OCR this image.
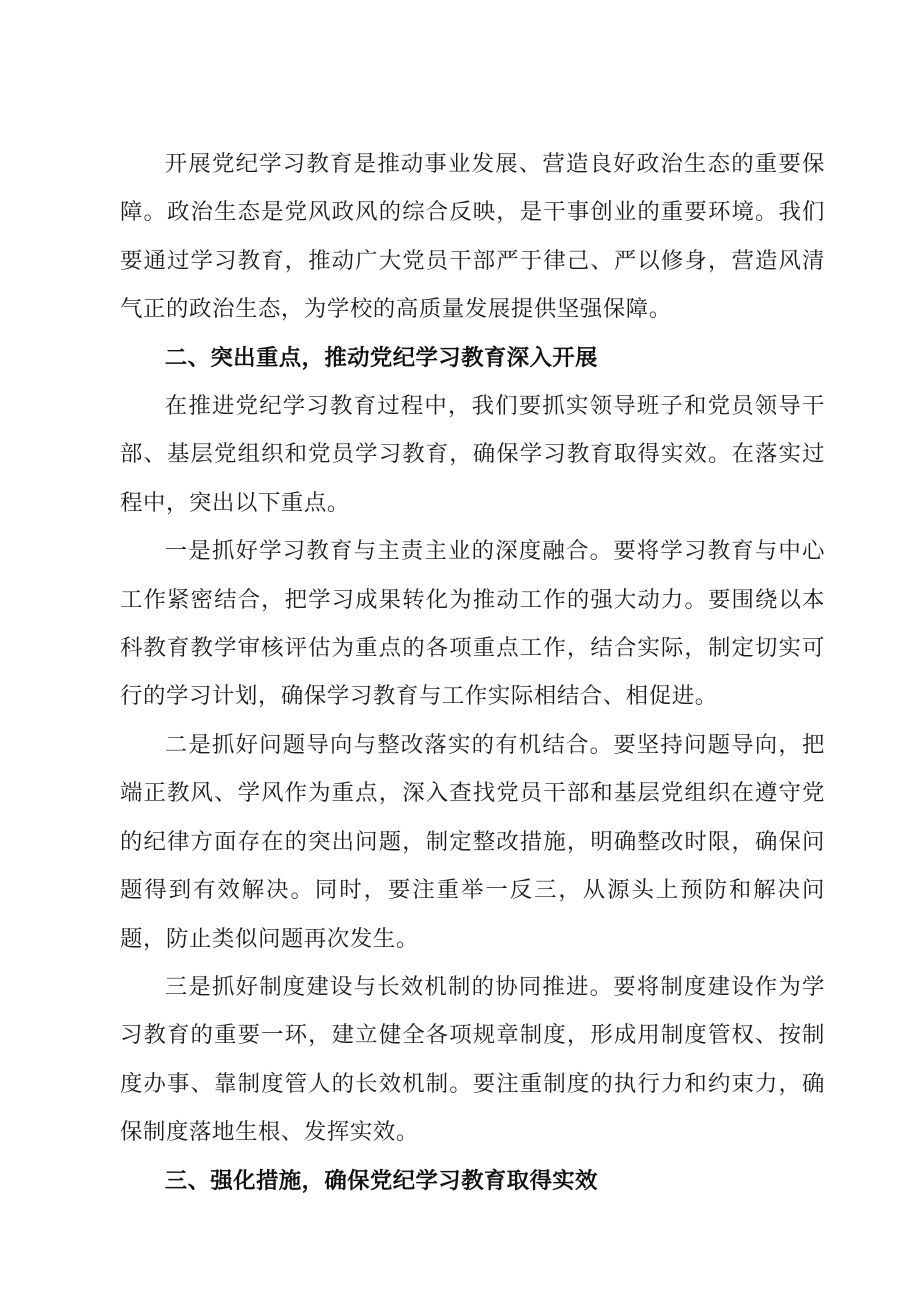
开展党纪学习教育是推动事业发展、营造良好政治生态的重要保障。政治生态是党风政风的综合反映，是干事创业的重要环境。我们要通过学习教育，推动广大党员干部严于律己、严以修身，营造风清气正的政治生态，为学校的高质量发展提供坚强保障。

二、突出重点，推动党纪学习教育深入开展

在推进党纪学习教育过程中，我们要抓实领导班子和党员领导干部、基层党组织和党员学习教育，确保学习教育取得实效。在落实过程中，突出以下重点。

一是抓好学习教育与主责主业的深度融合。要将学习教育与中心工作紧密结合，把学习成果转化为推动工作的强大动力。要围绕以本科教育教学审核评估为重点的各项重点工作，结合实际，制定切实可行的学习计划，确保学习教育与工作实际相结合、相促进。

二是抓好问题导向与整改落实的有机结合。要坚持问题导向，把端正教风、学风作为重点，深入查找党员干部和基层党组织在遵守党的纪律方面存在的突出问题，制定整改措施，明确整改时限，确保问题得到有效解决。同时，要注重举一反三，从源头上预防和解决问题，防止类似问题再次发生。

三是抓好制度建设与长效机制的协同推进。要将制度建设作为学习教育的重要一环，建立健全各项规章制度，形成用制度管权、按制度办事、靠制度管人的长效机制。要注重制度的执行力和约束力，确保制度落地生根、发挥实效。

三、强化措施，确保党纪学习教育取得实效
